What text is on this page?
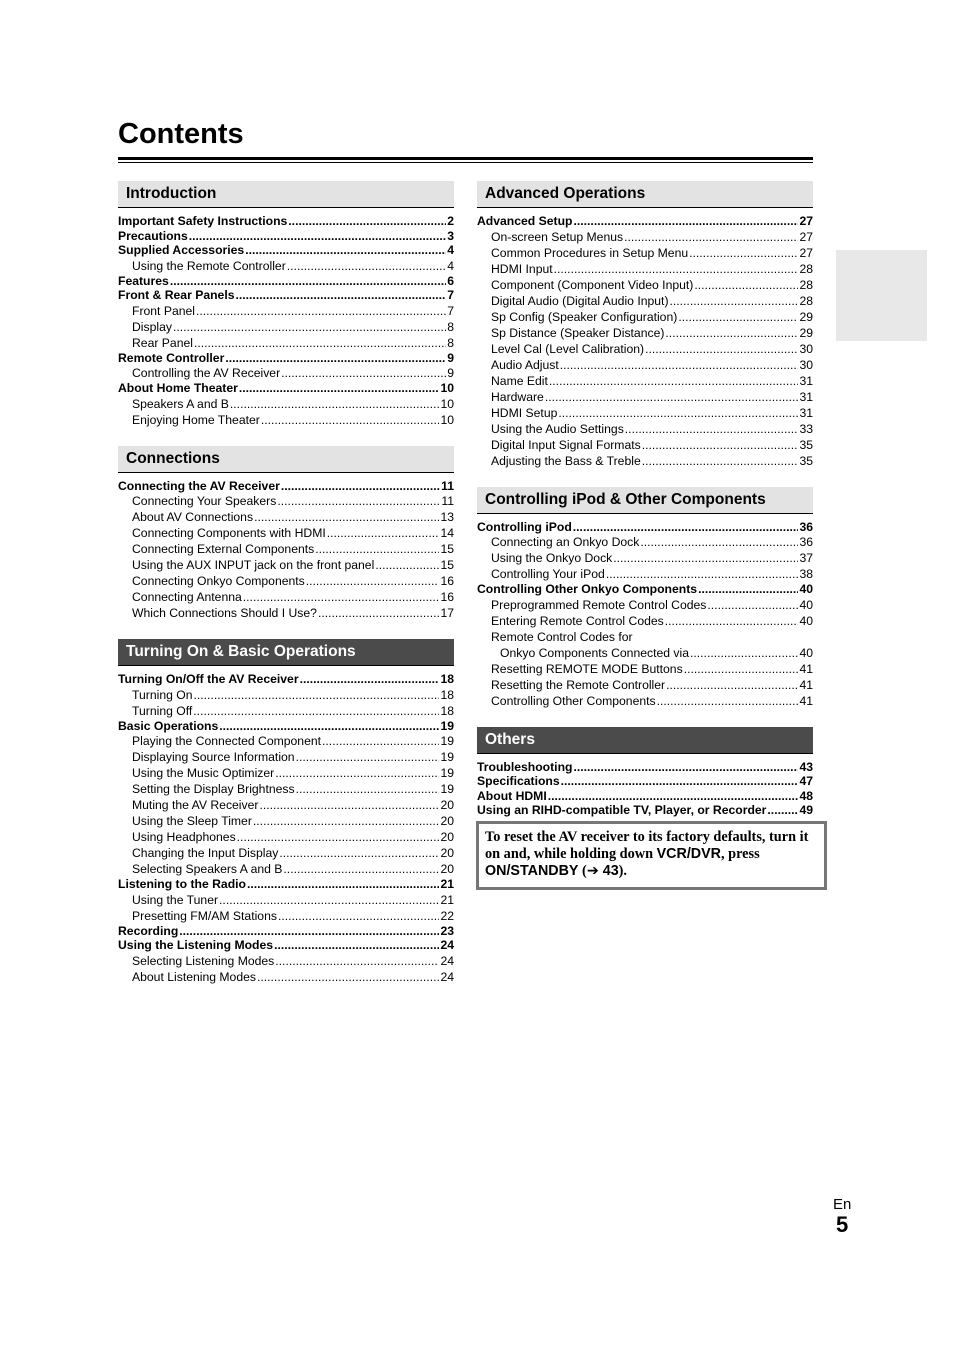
Contents
Introduction
Important Safety Instructions .....	2
Precautions .....	3
Supplied Accessories .....	4
Using the Remote Controller .....	4
Features .....	6
Front & Rear Panels .....	7
Front Panel .....	7
Display .....	8
Rear Panel .....	8
Remote Controller .....	9
Controlling the AV Receiver .....	9
About Home Theater .....	10
Speakers A and B .....	10
Enjoying Home Theater .....	10
Connections
Connecting the AV Receiver .....	11
Connecting Your Speakers .....	11
About AV Connections .....	13
Connecting Components with HDMI .....	14
Connecting External Components .....	15
Using the AUX INPUT jack on the front panel .....	15
Connecting Onkyo Components .....	16
Connecting Antenna .....	16
Which Connections Should I Use? .....	17
Turning On & Basic Operations
Turning On/Off the AV Receiver .....	18
Turning On .....	18
Turning Off .....	18
Basic Operations .....	19
Playing the Connected Component .....	19
Displaying Source Information .....	19
Using the Music Optimizer .....	19
Setting the Display Brightness .....	19
Muting the AV Receiver .....	20
Using the Sleep Timer .....	20
Using Headphones .....	20
Changing the Input Display .....	20
Selecting Speakers A and B .....	20
Listening to the Radio .....	21
Using the Tuner .....	21
Presetting FM/AM Stations .....	22
Recording .....	23
Using the Listening Modes .....	24
Selecting Listening Modes .....	24
About Listening Modes .....	24
Advanced Operations
Advanced Setup .....	27
On-screen Setup Menus .....	27
Common Procedures in Setup Menu .....	27
HDMI Input .....	28
Component (Component Video Input) .....	28
Digital Audio (Digital Audio Input) .....	28
Sp Config (Speaker Configuration) .....	29
Sp Distance (Speaker Distance) .....	29
Level Cal (Level Calibration) .....	30
Audio Adjust .....	30
Name Edit .....	31
Hardware .....	31
HDMI Setup .....	31
Using the Audio Settings .....	33
Digital Input Signal Formats .....	35
Adjusting the Bass & Treble .....	35
Controlling iPod & Other Components
Controlling iPod .....	36
Connecting an Onkyo Dock .....	36
Using the Onkyo Dock .....	37
Controlling Your iPod .....	38
Controlling Other Onkyo Components .....	40
Preprogrammed Remote Control Codes .....	40
Entering Remote Control Codes .....	40
Remote Control Codes for
Onkyo Components Connected via .....	40
Resetting REMOTE MODE Buttons .....	41
Resetting the Remote Controller .....	41
Controlling Other Components .....	41
Others
Troubleshooting .....	43
Specifications .....	47
About HDMI .....	48
Using an RIHD-compatible TV, Player, or Recorder .....	49
To reset the AV receiver to its factory defaults, turn it on and, while holding down VCR/DVR, press ON/STANDBY (➔ 43).
En
5
